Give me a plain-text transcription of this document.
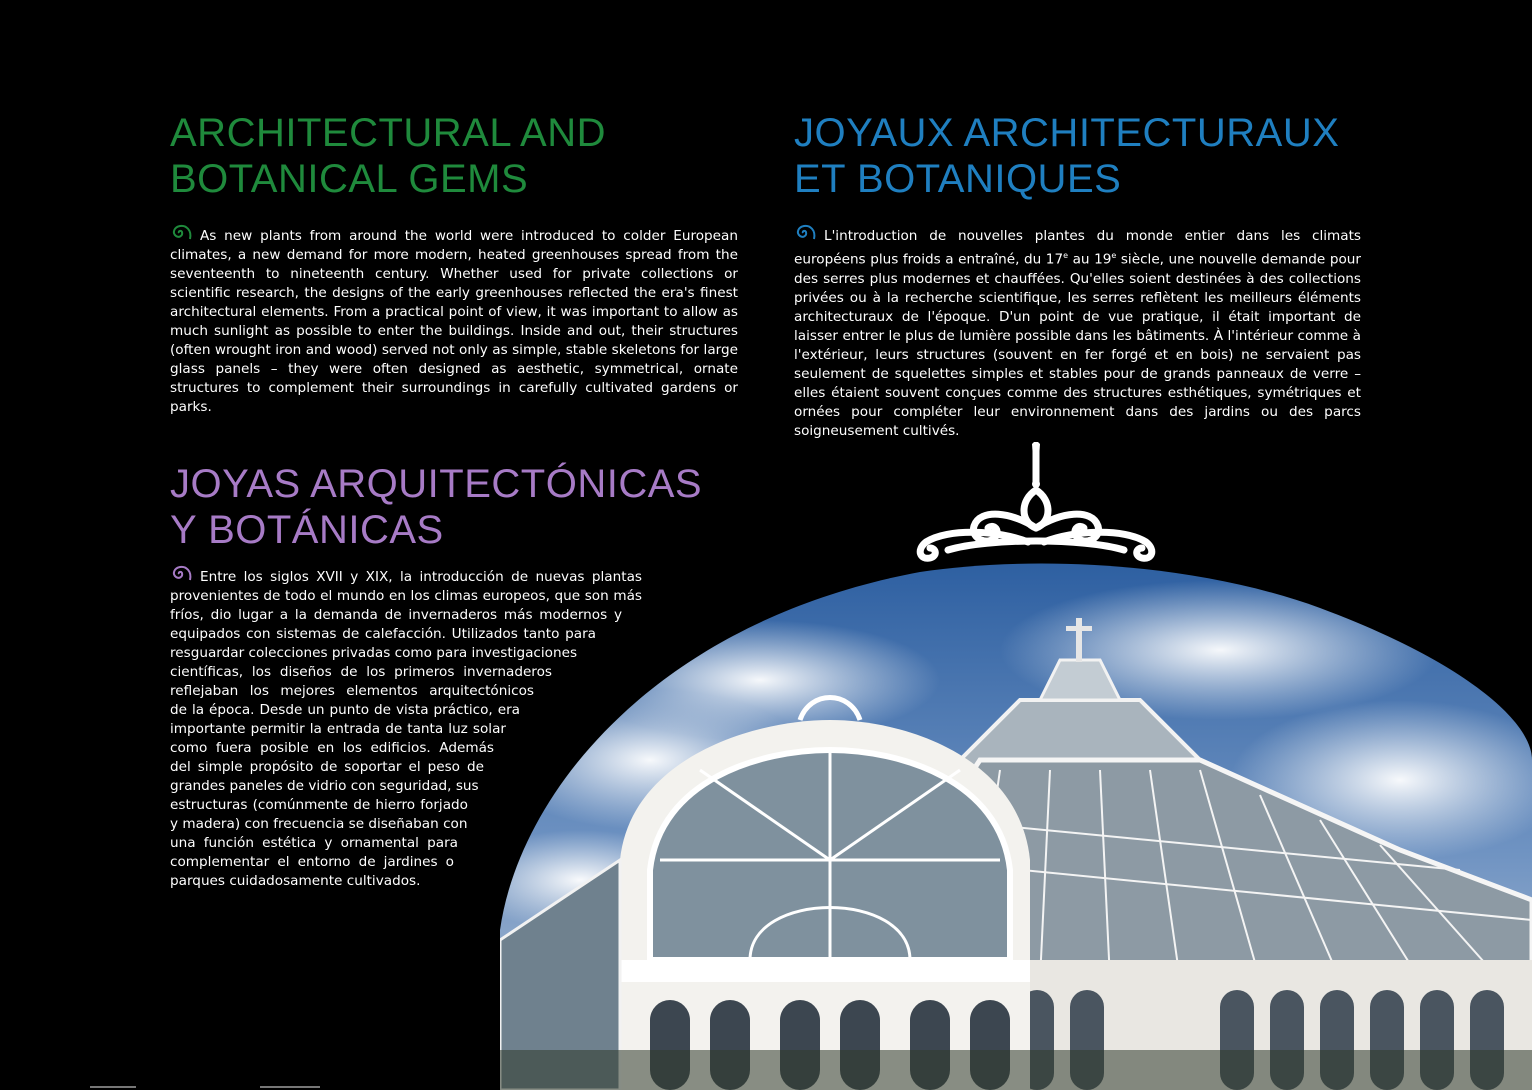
ARCHITECTURAL AND
BOTANICAL GEMS

As new plants from around the world were introduced to colder European climates, a new demand for more modern, heated greenhouses spread from the seventeenth to nineteenth century. Whether used for private collections or scientific research, the designs of the early greenhouses reflected the era's finest architectural elements. From a practical point of view, it was important to allow as much sunlight as possible to enter the buildings. Inside and out, their structures (often wrought iron and wood) served not only as simple, stable skeletons for large glass panels – they were often designed as aesthetic, symmetrical, ornate structures to complement their surroundings in carefully cultivated gardens or parks.

JOYAUX ARCHITECTURAUX
ET BOTANIQUES

L'introduction de nouvelles plantes du monde entier dans les climats européens plus froids a entraîné, du 17e au 19e siècle, une nouvelle demande pour des serres plus modernes et chauffées. Qu'elles soient destinées à des collections privées ou à la recherche scientifique, les serres reflètent les meilleurs éléments architecturaux de l'époque. D'un point de vue pratique, il était important de laisser entrer le plus de lumière possible dans les bâtiments. À l'intérieur comme à l'extérieur, leurs structures (souvent en fer forgé et en bois) ne servaient pas seulement de squelettes simples et stables pour de grands panneaux de verre – elles étaient souvent conçues comme des structures esthétiques, symétriques et ornées pour compléter leur environnement dans des jardins ou des parcs soigneusement cultivés.

JOYAS ARQUITECTÓNICAS
Y BOTÁNICAS
Entre los siglos XVII y XIX, la introducción de nuevas plantas
provenientes de todo el mundo en los climas europeos, que son más
fríos, dio lugar a la demanda de invernaderos más modernos y
equipados con sistemas de calefacción. Utilizados tanto para
resguardar colecciones privadas como para investigaciones
científicas, los diseños de los primeros invernaderos
reflejaban los mejores elementos arquitectónicos
de la época. Desde un punto de vista práctico, era
importante permitir la entrada de tanta luz solar
como fuera posible en los edificios. Además
del simple propósito de soportar el peso de
grandes paneles de vidrio con seguridad, sus
estructuras (comúnmente de hierro forjado
y madera) con frecuencia se diseñaban con
una función estética y ornamental para
complementar el entorno de jardines o
parques cuidadosamente cultivados.
